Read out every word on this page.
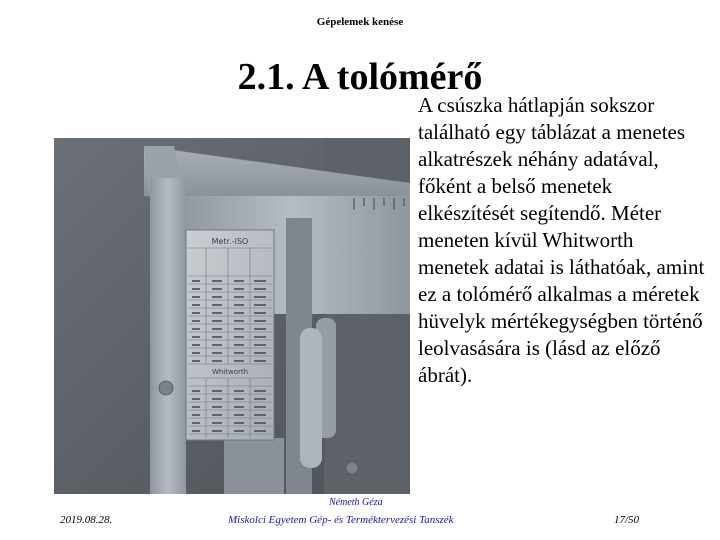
Gépelemek kenése
2.1. A tolómérő
Metr.-ISO
Whitworth

A csúszka hátlapján sokszor található egy táblázat a menetes alkatrészek néhány adatával, főként a belső menetek elkészítését segítendő. Méter meneten kívül Whitworth menetek adatai is láthatóak, amint ez a tolómérő alkalmas a méretek hüvelyk mértékegységben történő leolvasására is (lásd az előző ábrát).

Németh Géza
2019.08.28.	Miskolci Egyetem Gép- és Terméktervezési Tanszék	17/50
